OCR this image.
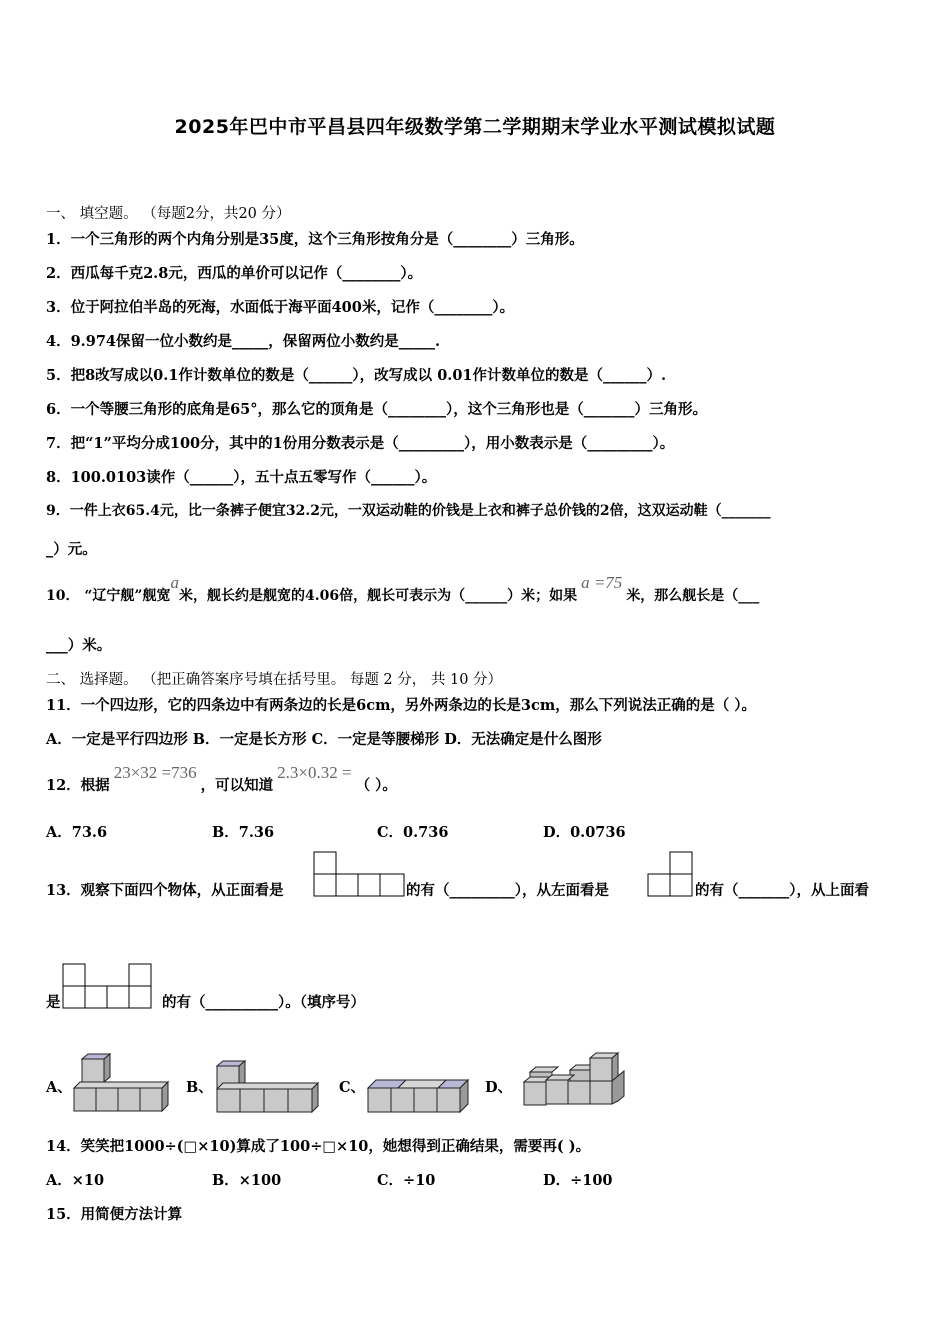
2025年巴中市平昌县四年级数学第二学期期末学业水平测试模拟试题
一、 填空题。 （每题2分，共20 分）
1．一个三角形的两个内角分别是35度，这个三角形按角分是（________）三角形。
2．西瓜每千克2.8元，西瓜的单价可以记作（________）。
3．位于阿拉伯半岛的死海，水面低于海平面400米，记作（________）。
4．9.974保留一位小数约是_____，保留两位小数约是_____.
5．把8改写成以0.1作计数单位的数是（______），改写成以 0.01作计数单位的数是（______）.
6．一个等腰三角形的底角是65°，那么它的顶角是（________），这个三角形也是（_______）三角形。
7．把“1”平均分成100分，其中的1份用分数表示是（_________），用小数表示是（_________）。
8．100.0103读作（______），五十点五零写作（______）。
9．一件上衣65.4元，比一条裤子便宜32.2元，一双运动鞋的价钱是上衣和裤子总价钱的2倍，这双运动鞋（_______
_）元。
10． “辽宁舰”舰宽a米，舰长约是舰宽的4.06倍，舰长可表示为（______）米；如果a =75米，那么舰长是（___
___）米。
二、 选择题。 （把正确答案序号填在括号里。 每题 2 分， 共 10 分）
11．一个四边形，它的四条边中有两条边的长是6cm，另外两条边的长是3cm，那么下列说法正确的是（ ）。
A．一定是平行四边形 B．一定是长方形 C．一定是等腰梯形 D．无法确定是什么图形
12．根据23×32 =736，可以知道2.3×0.32 =（ ）。
A．73.6	B．7.36	C．0.736	D．0.0736
13．观察下面四个物体，从正面看是	的有（_________），从左面看是	的有（_______），从上面看
是	的有（__________）。（填序号）
A、	B、	C、	D、
14．笑笑把1000÷(□×10)算成了100÷□×10，她想得到正确结果，需要再( )。
A．×10	B．×100	C．÷10	D．÷100
15．用简便方法计算
